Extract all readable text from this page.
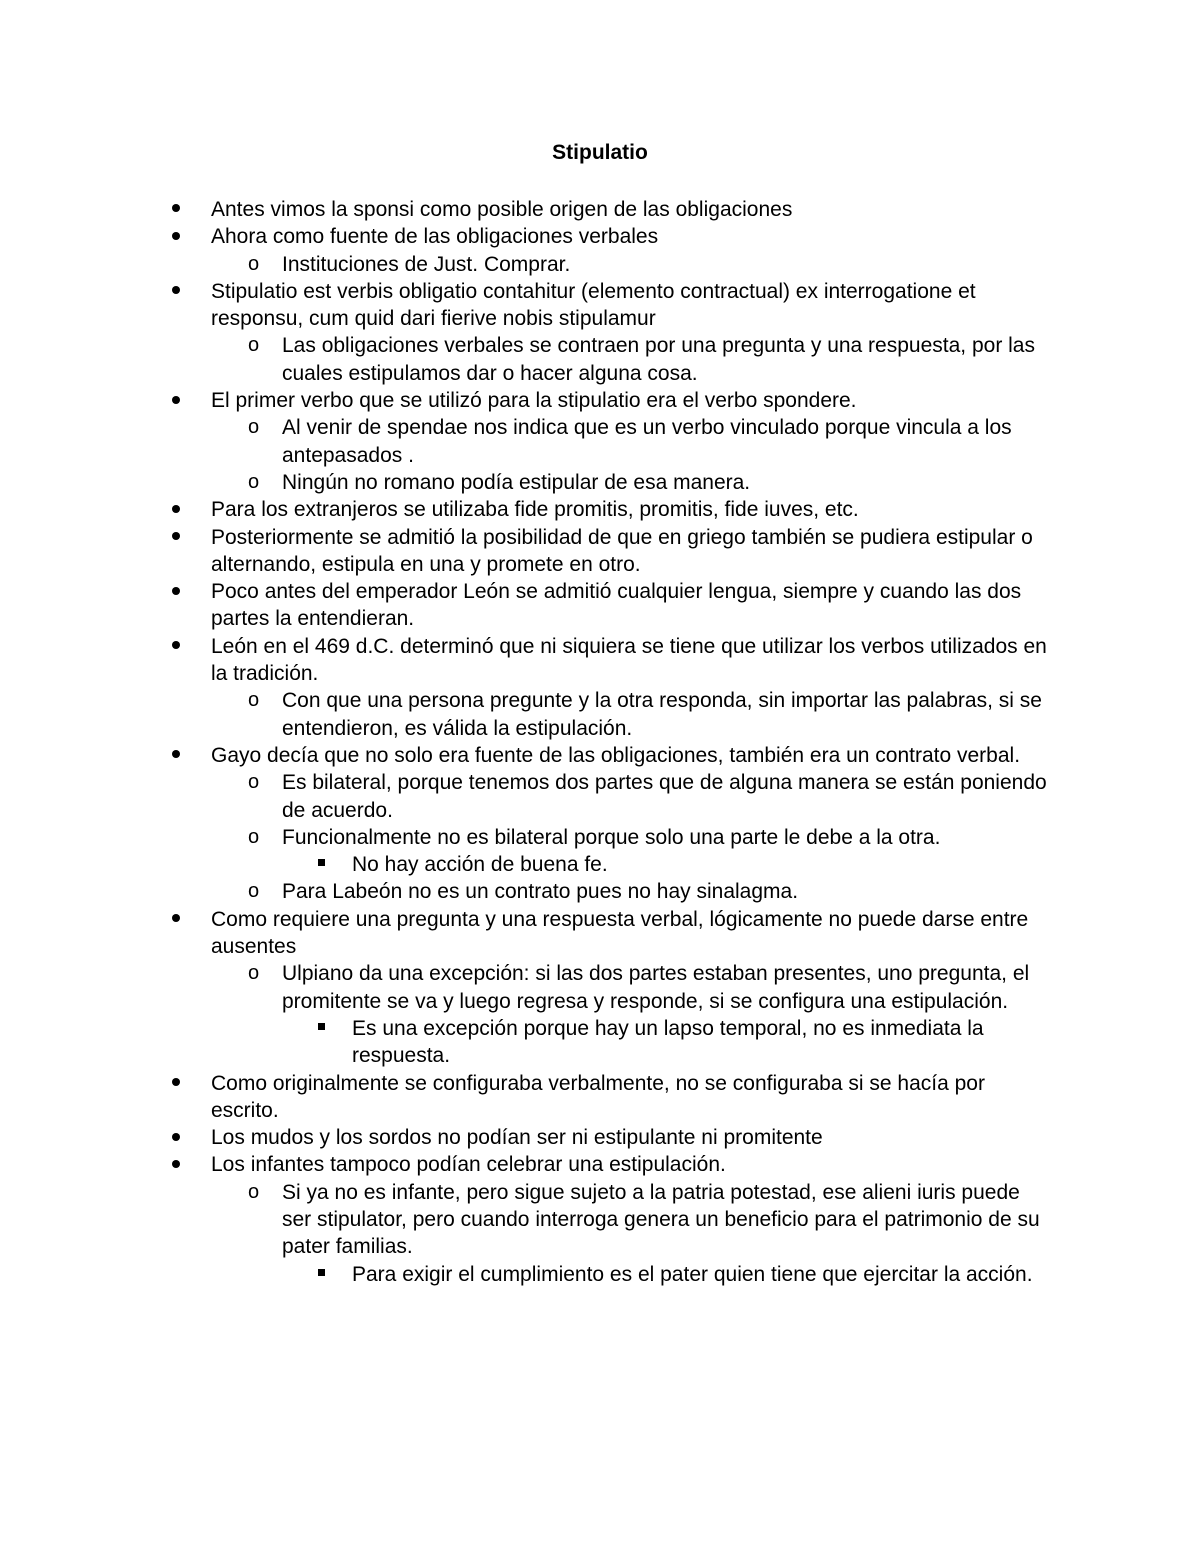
Stipulatio
Antes vimos la sponsi como posible origen de las obligaciones
Ahora como fuente de las obligaciones verbales
o Instituciones de Just. Comprar.
Stipulatio est verbis obligatio contahitur (elemento contractual) ex interrogatione et responsu, cum quid dari fierive nobis stipulamur
o Las obligaciones verbales se contraen por una pregunta y una respuesta, por las cuales estipulamos dar o hacer alguna cosa.
El primer verbo que se utilizó para la stipulatio era el verbo spondere.
o Al venir de spendae nos indica que es un verbo vinculado porque vincula a los antepasados .
o Ningún no romano podía estipular de esa manera.
Para los extranjeros se utilizaba fide promitis, promitis, fide iuves, etc.
Posteriormente se admitió la posibilidad de que en griego también se pudiera estipular o alternando, estipula en una y promete en otro.
Poco antes del emperador León se admitió cualquier lengua, siempre y cuando las dos partes la entendieran.
León en el 469 d.C. determinó que ni siquiera se tiene que utilizar los verbos utilizados en la tradición.
o Con que una persona pregunte y la otra responda, sin importar las palabras, si se entendieron, es válida la estipulación.
Gayo decía que no solo era fuente de las obligaciones, también era un contrato verbal.
o Es bilateral, porque tenemos dos partes que de alguna manera se están poniendo de acuerdo.
o Funcionalmente no es bilateral porque solo una parte le debe a la otra.
No hay acción de buena fe.
o Para Labeón no es un contrato pues no hay sinalagma.
Como requiere una pregunta y una respuesta verbal, lógicamente no puede darse entre ausentes
o Ulpiano da una excepción: si las dos partes estaban presentes, uno pregunta, el promitente se va y luego regresa y responde, si se configura una estipulación.
Es una excepción porque hay un lapso temporal, no es inmediata la respuesta.
Como originalmente se configuraba verbalmente, no se configuraba si se hacía por escrito.
Los mudos y los sordos no podían ser ni estipulante ni promitente
Los infantes tampoco podían celebrar una estipulación.
o Si ya no es infante, pero sigue sujeto a la patria potestad, ese alieni iuris puede ser stipulator, pero cuando interroga genera un beneficio para el patrimonio de su pater familias.
Para exigir el cumplimiento es el pater quien tiene que ejercitar la acción.
